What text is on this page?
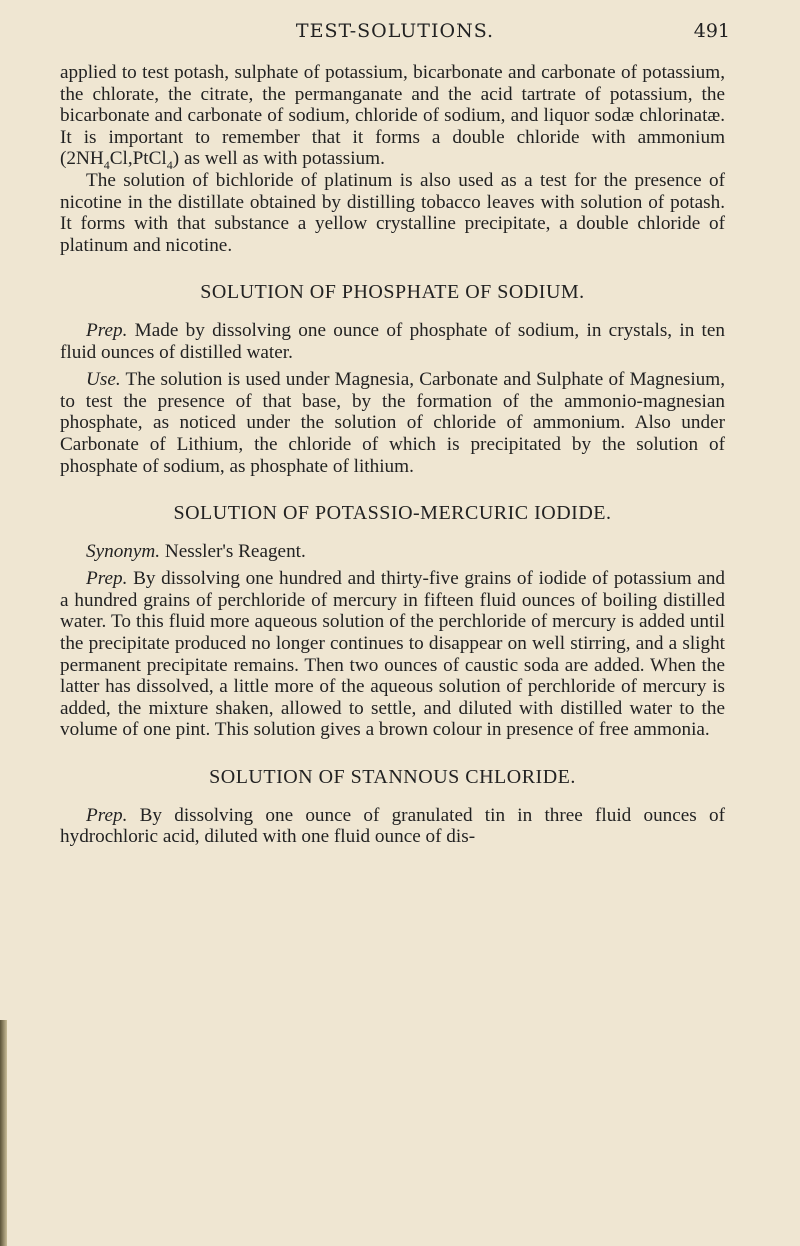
TEST-SOLUTIONS.	491

applied to test potash, sulphate of potassium, bicarbonate and carbonate of potassium, the chlorate, the citrate, the permanganate and the acid tartrate of potassium, the bicarbonate and carbonate of sodium, chloride of sodium, and liquor sodæ chlorinatæ. It is important to remember that it forms a double chloride with ammonium $(2NH_4Cl,PtCl_4)$ as well as with potassium.

The solution of bichloride of platinum is also used as a test for the presence of nicotine in the distillate obtained by distilling tobacco leaves with solution of potash. It forms with that substance a yellow crystalline precipitate, a double chloride of platinum and nicotine.

SOLUTION OF PHOSPHATE OF SODIUM.

Prep. Made by dissolving one ounce of phosphate of sodium, in crystals, in ten fluid ounces of distilled water.

Use. The solution is used under Magnesia, Carbonate and Sulphate of Magnesium, to test the presence of that base, by the formation of the ammonio-magnesian phosphate, as noticed under the solution of chloride of ammonium. Also under Carbonate of Lithium, the chloride of which is precipitated by the solution of phosphate of sodium, as phosphate of lithium.

SOLUTION OF POTASSIO-MERCURIC IODIDE.

Synonym. Nessler's Reagent.

Prep. By dissolving one hundred and thirty-five grains of iodide of potassium and a hundred grains of perchloride of mercury in fifteen fluid ounces of boiling distilled water. To this fluid more aqueous solution of the perchloride of mercury is added until the precipitate produced no longer continues to disappear on well stirring, and a slight permanent precipitate remains. Then two ounces of caustic soda are added. When the latter has dissolved, a little more of the aqueous solution of perchloride of mercury is added, the mixture shaken, allowed to settle, and diluted with distilled water to the volume of one pint. This solution gives a brown colour in presence of free ammonia.

SOLUTION OF STANNOUS CHLORIDE.

Prep. By dissolving one ounce of granulated tin in three fluid ounces of hydrochloric acid, diluted with one fluid ounce of dis-
